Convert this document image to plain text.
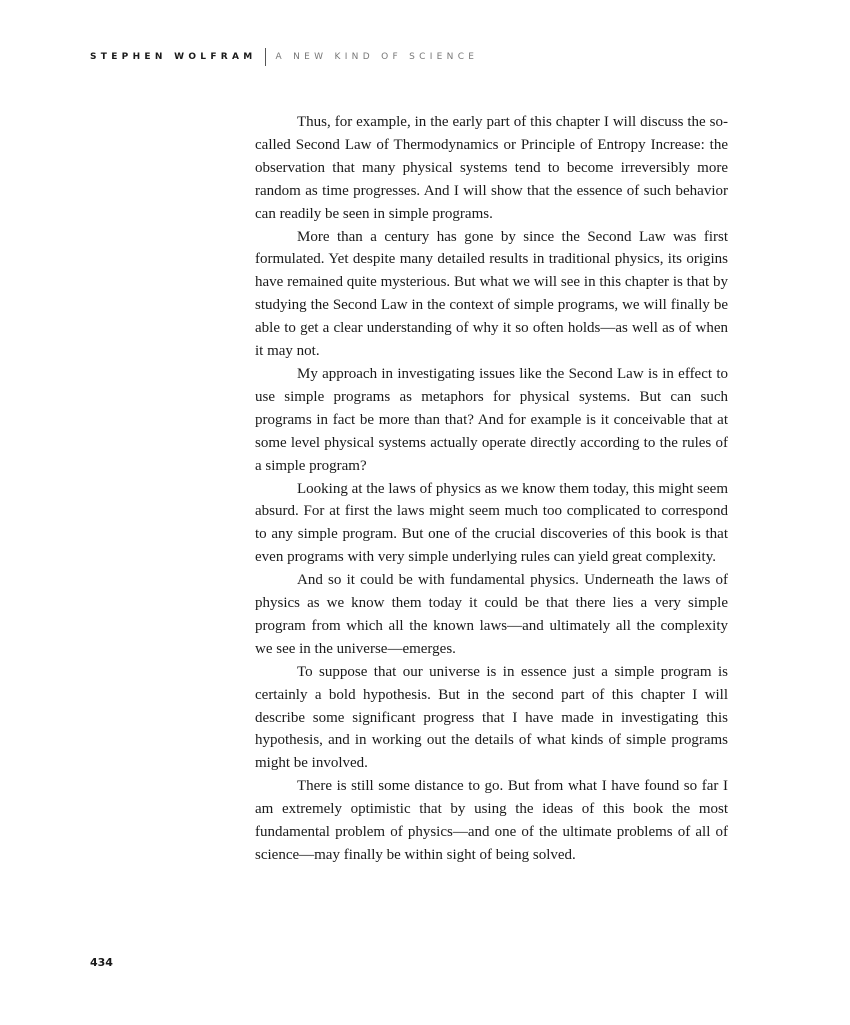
STEPHEN WOLFRAM A NEW KIND OF SCIENCE

Thus, for example, in the early part of this chapter I will discuss the so-called Second Law of Thermodynamics or Principle of Entropy Increase: the observation that many physical systems tend to become irreversibly more random as time progresses. And I will show that the essence of such behavior can readily be seen in simple programs.

More than a century has gone by since the Second Law was first formulated. Yet despite many detailed results in traditional physics, its origins have remained quite mysterious. But what we will see in this chapter is that by studying the Second Law in the context of simple programs, we will finally be able to get a clear understanding of why it so often holds—as well as of when it may not.

My approach in investigating issues like the Second Law is in effect to use simple programs as metaphors for physical systems. But can such programs in fact be more than that? And for example is it conceivable that at some level physical systems actually operate directly according to the rules of a simple program?

Looking at the laws of physics as we know them today, this might seem absurd. For at first the laws might seem much too complicated to correspond to any simple program. But one of the crucial discoveries of this book is that even programs with very simple underlying rules can yield great complexity.

And so it could be with fundamental physics. Underneath the laws of physics as we know them today it could be that there lies a very simple program from which all the known laws—and ultimately all the complexity we see in the universe—emerges.

To suppose that our universe is in essence just a simple program is certainly a bold hypothesis. But in the second part of this chapter I will describe some significant progress that I have made in investigating this hypothesis, and in working out the details of what kinds of simple programs might be involved.

There is still some distance to go. But from what I have found so far I am extremely optimistic that by using the ideas of this book the most fundamental problem of physics—and one of the ultimate problems of all of science—may finally be within sight of being solved.

434
